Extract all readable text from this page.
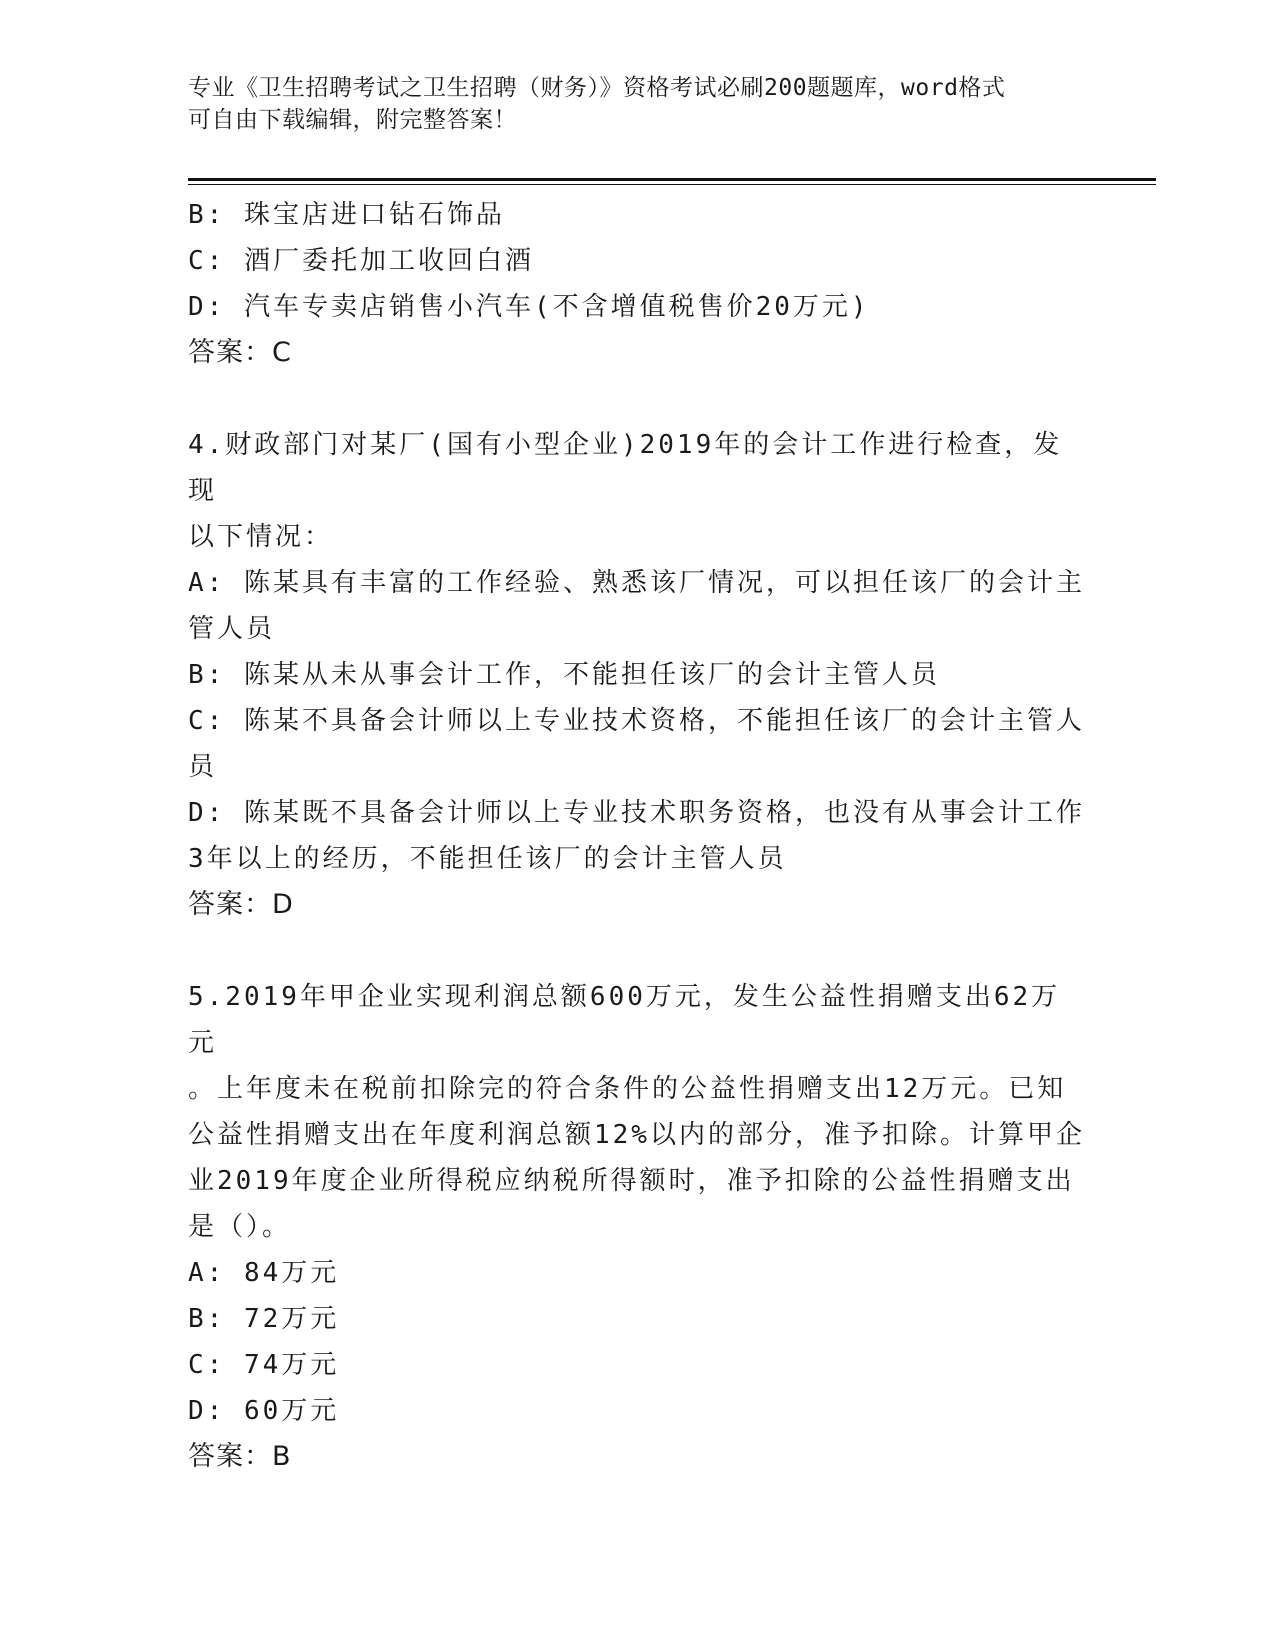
专业《卫生招聘考试之卫生招聘（财务）》资格考试必刷200题题库，word格式
可自由下载编辑，附完整答案！

B: 珠宝店进口钻石饰品

C: 酒厂委托加工收回白酒

D: 汽车专卖店销售小汽车(不含增值税售价20万元)

答案：C

4.财政部门对某厂(国有小型企业)2019年的会计工作进行检查，发现

以下情况：

A: 陈某具有丰富的工作经验、熟悉该厂情况，可以担任该厂的会计主

管人员

B: 陈某从未从事会计工作，不能担任该厂的会计主管人员

C: 陈某不具备会计师以上专业技术资格，不能担任该厂的会计主管人

员

D: 陈某既不具备会计师以上专业技术职务资格，也没有从事会计工作

3年以上的经历，不能担任该厂的会计主管人员

答案：D

5.2019年甲企业实现利润总额600万元，发生公益性捐赠支出62万元

。上年度未在税前扣除完的符合条件的公益性捐赠支出12万元。已知

公益性捐赠支出在年度利润总额12%以内的部分，准予扣除。计算甲企

业2019年度企业所得税应纳税所得额时，准予扣除的公益性捐赠支出

是（）。

A: 84万元

B: 72万元

C: 74万元

D: 60万元

答案：B
